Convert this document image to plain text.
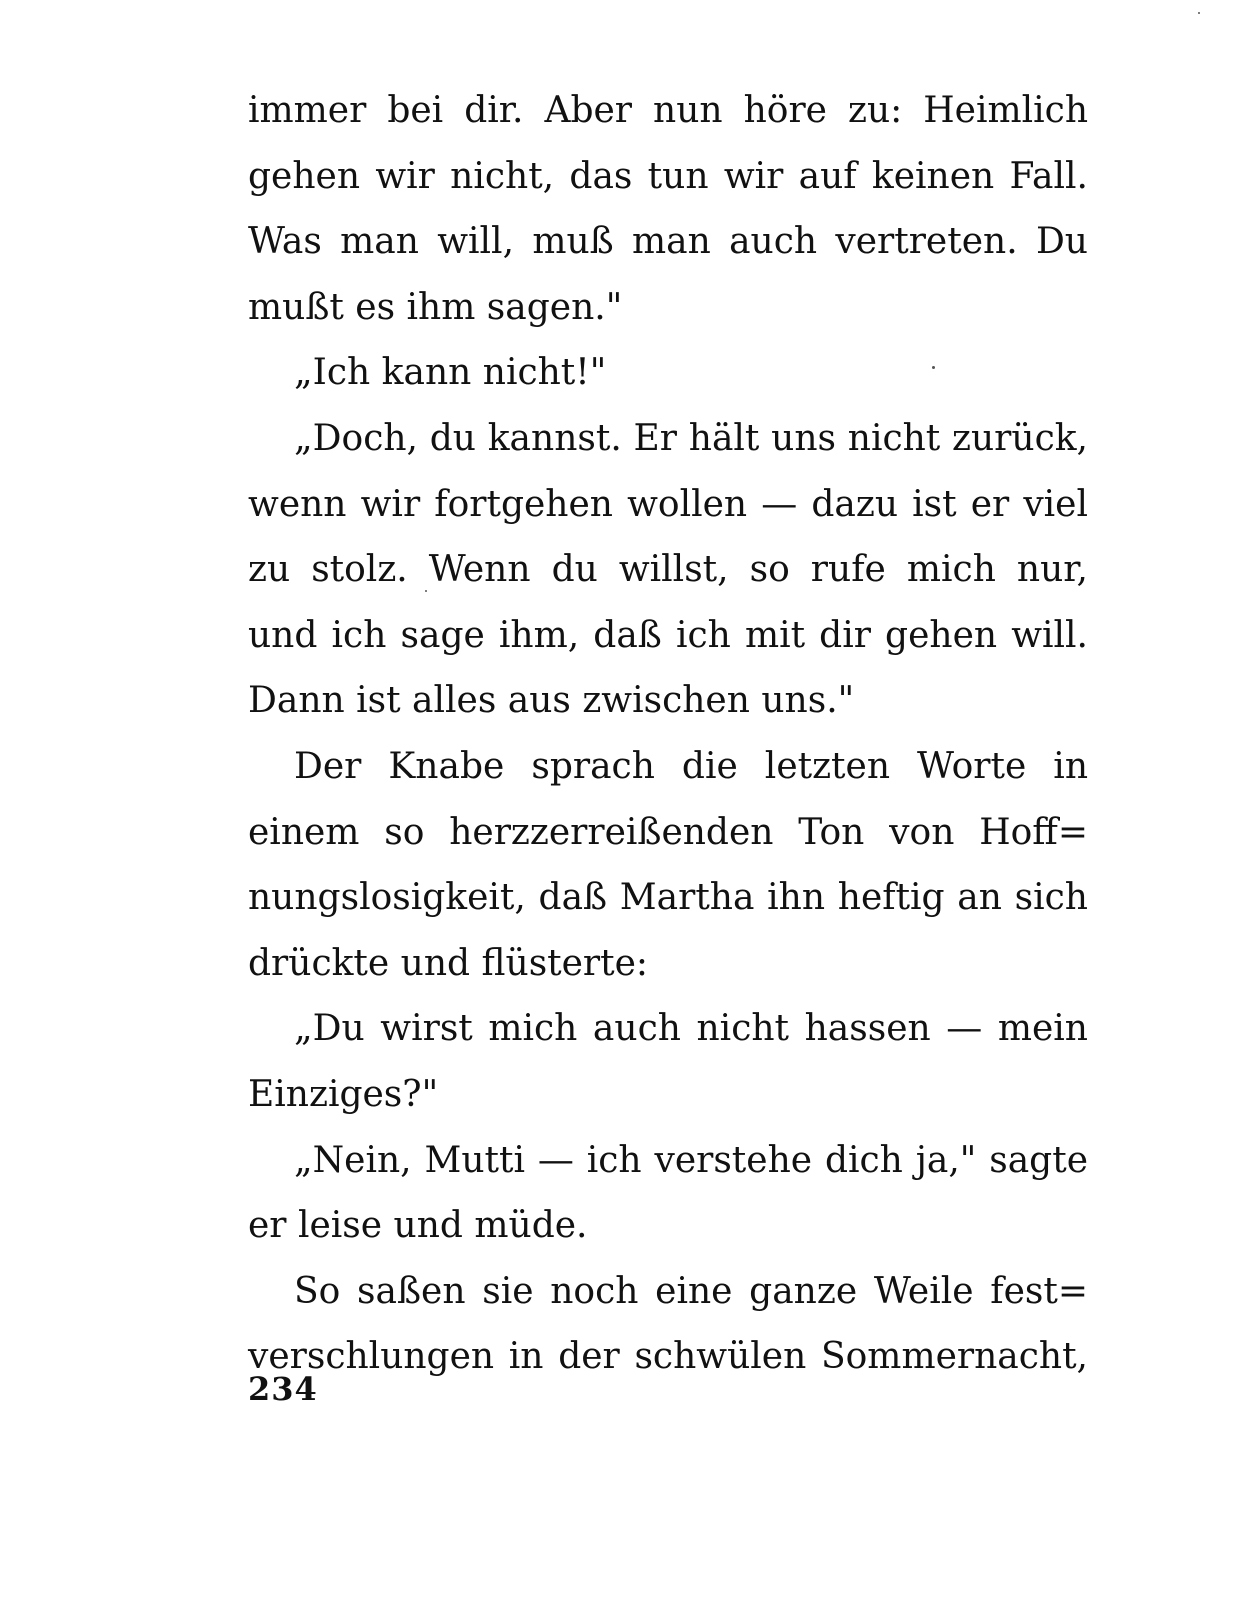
immer bei dir. Aber nun höre zu: Heimlich
gehen wir nicht, das tun wir auf keinen Fall.
Was man will, muß man auch vertreten. Du
mußt es ihm sagen."
„Ich kann nicht!"
„Doch, du kannst. Er hält uns nicht zurück,
wenn wir fortgehen wollen — dazu ist er viel
zu stolz. Wenn du willst, so rufe mich nur,
und ich sage ihm, daß ich mit dir gehen will.
Dann ist alles aus zwischen uns."
Der Knabe sprach die letzten Worte in
einem so herzzerreißenden Ton von Hoff=
nungslosigkeit, daß Martha ihn heftig an sich
drückte und flüsterte:
„Du wirst mich auch nicht hassen — mein
Einziges?"
„Nein, Mutti — ich verstehe dich ja," sagte
er leise und müde.
So saßen sie noch eine ganze Weile fest=
verschlungen in der schwülen Sommernacht,
234
